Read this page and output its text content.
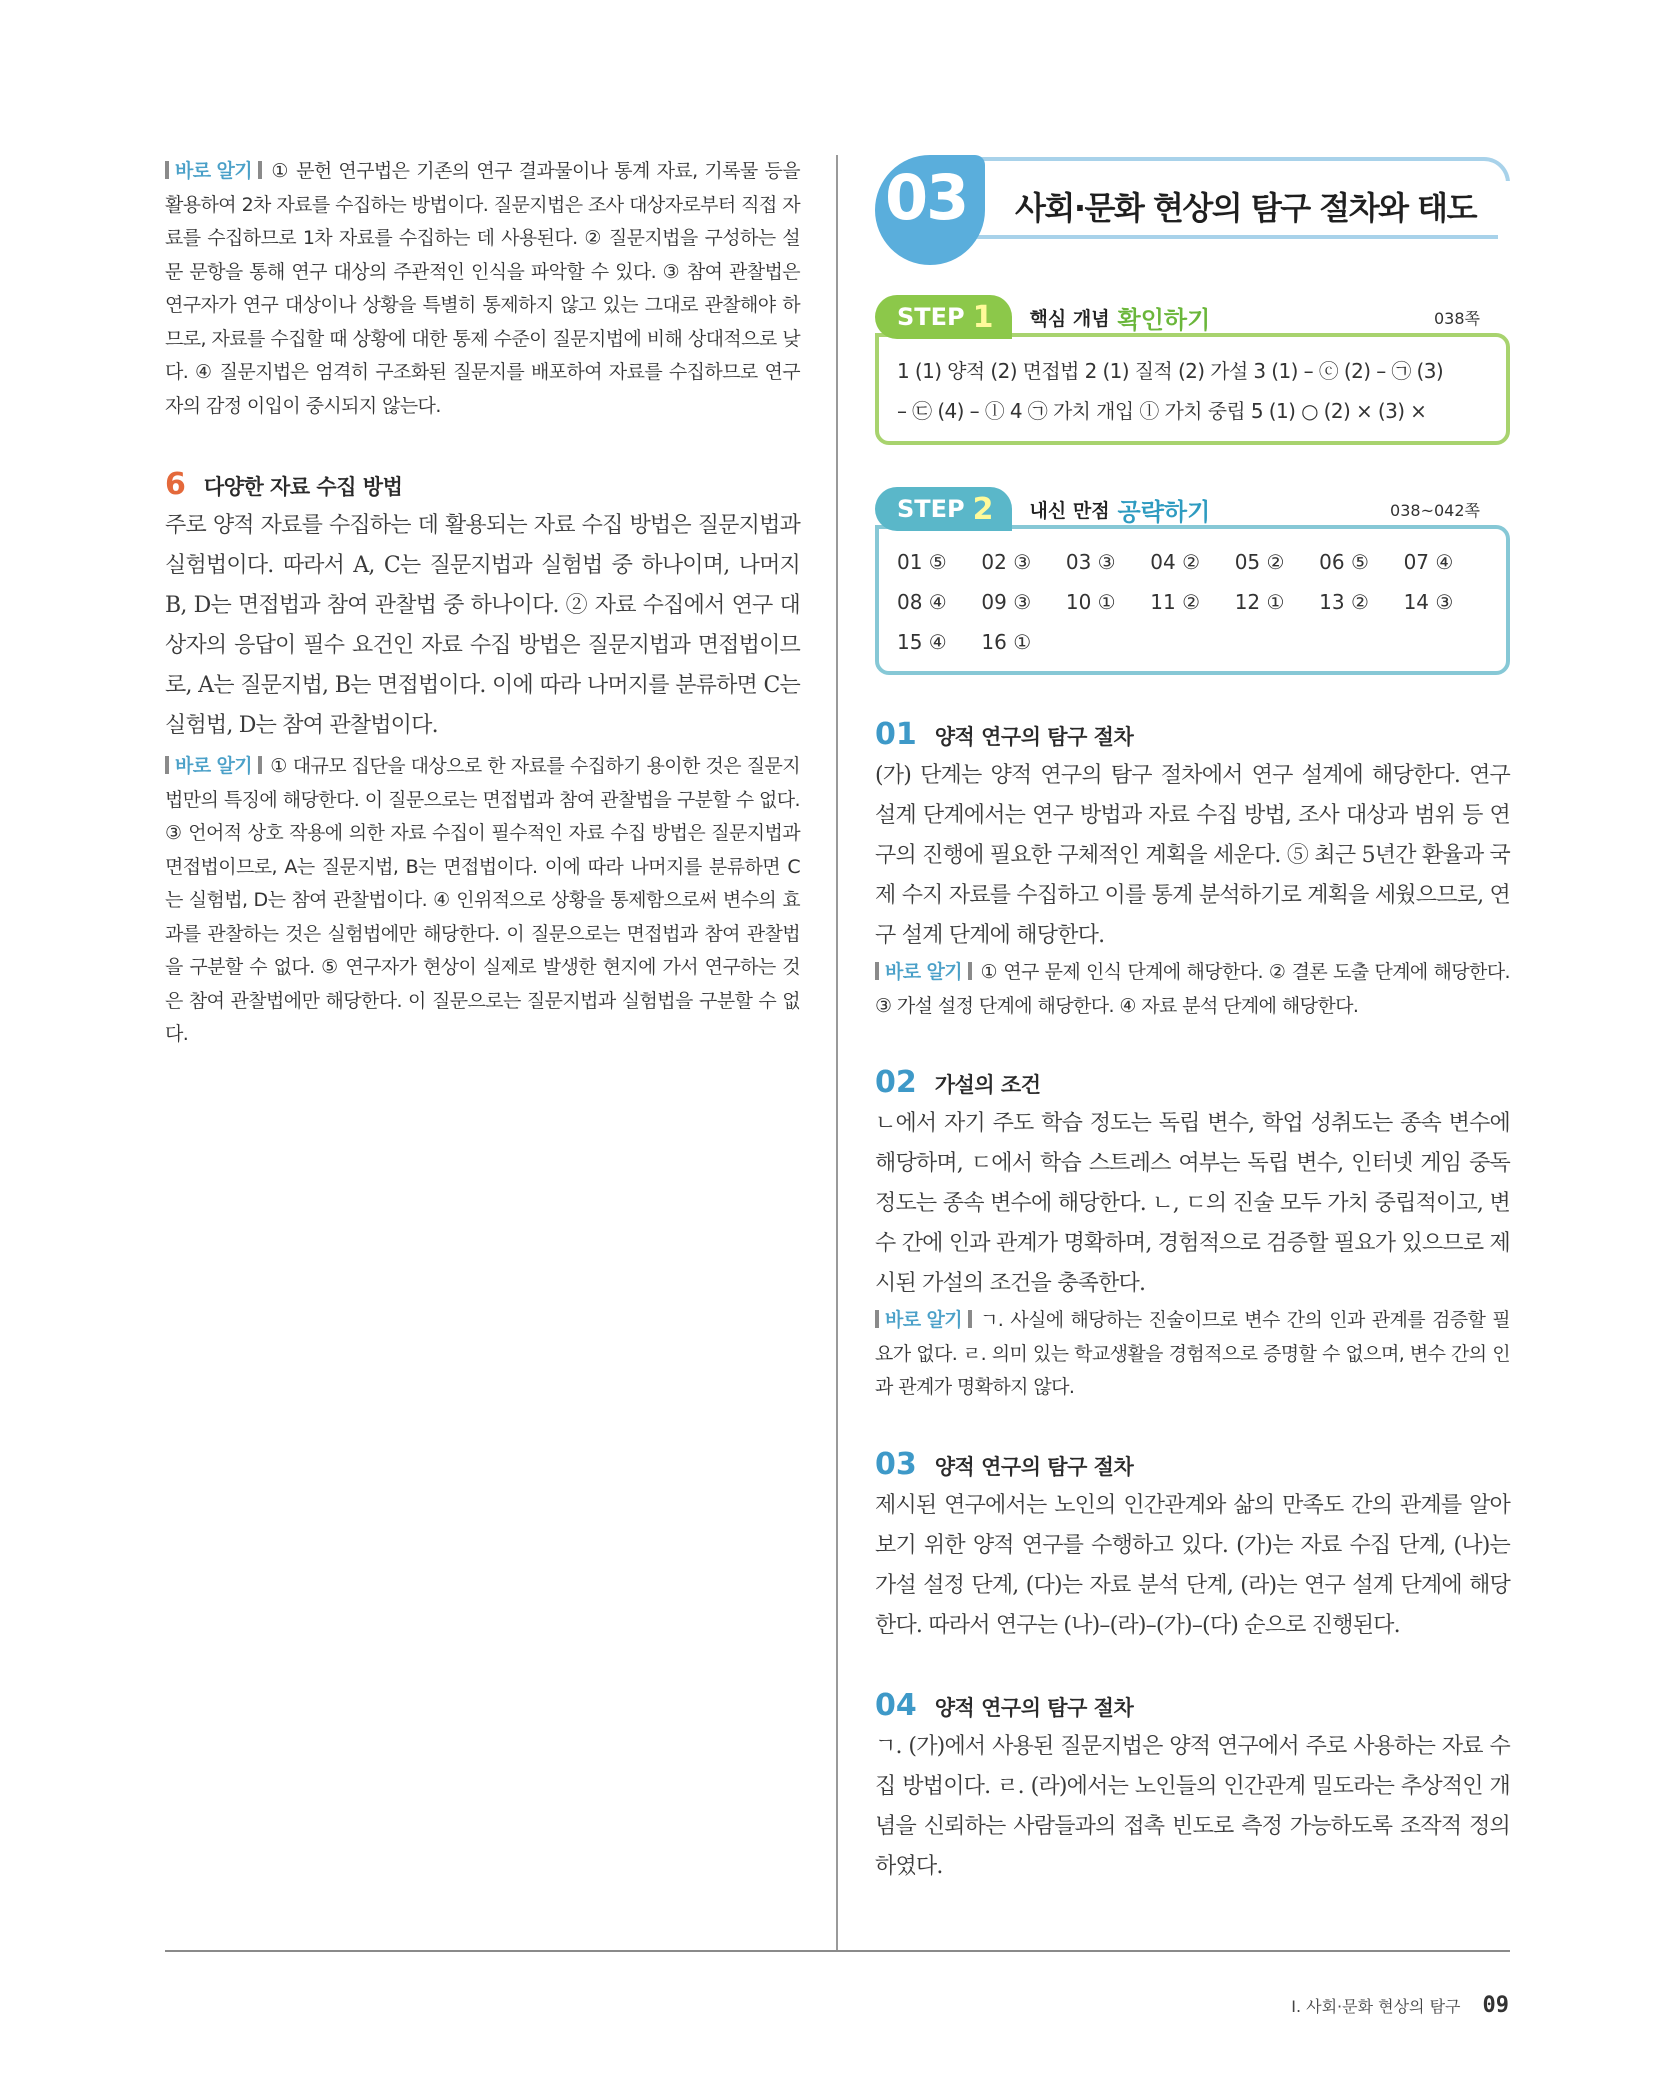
바로 알기 ① 문헌 연구법은 기존의 연구 결과물이나 통계 자료, 기록물 등을 활용하여 2차 자료를 수집하는 방법이다. 질문지법은 조사 대상자로부터 직접 자료를 수집하므로 1차 자료를 수집하는 데 사용된다. ② 질문지법을 구성하는 설문 문항을 통해 연구 대상의 주관적인 인식을 파악할 수 있다. ③ 참여 관찰법은 연구자가 연구 대상이나 상황을 특별히 통제하지 않고 있는 그대로 관찰해야 하므로, 자료를 수집할 때 상황에 대한 통제 수준이 질문지법에 비해 상대적으로 낮다. ④ 질문지법은 엄격히 구조화된 질문지를 배포하여 자료를 수집하므로 연구자의 감정 이입이 중시되지 않는다.

6 다양한 자료 수집 방법

주로 양적 자료를 수집하는 데 활용되는 자료 수집 방법은 질문지법과 실험법이다. 따라서 A, C는 질문지법과 실험법 중 하나이며, 나머지 B, D는 면접법과 참여 관찰법 중 하나이다. ② 자료 수집에서 연구 대상자의 응답이 필수 요건인 자료 수집 방법은 질문지법과 면접법이므로, A는 질문지법, B는 면접법이다. 이에 따라 나머지를 분류하면 C는 실험법, D는 참여 관찰법이다.

바로 알기 ① 대규모 집단을 대상으로 한 자료를 수집하기 용이한 것은 질문지법만의 특징에 해당한다. 이 질문으로는 면접법과 참여 관찰법을 구분할 수 없다. ③ 언어적 상호 작용에 의한 자료 수집이 필수적인 자료 수집 방법은 질문지법과 면접법이므로, A는 질문지법, B는 면접법이다. 이에 따라 나머지를 분류하면 C는 실험법, D는 참여 관찰법이다. ④ 인위적으로 상황을 통제함으로써 변수의 효과를 관찰하는 것은 실험법에만 해당한다. 이 질문으로는 면접법과 참여 관찰법을 구분할 수 없다. ⑤ 연구자가 현상이 실제로 발생한 현지에 가서 연구하는 것은 참여 관찰법에만 해당한다. 이 질문으로는 질문지법과 실험법을 구분할 수 없다.

03 사회·문화 현상의 탐구 절차와 태도
STEP 1 핵심 개념 확인하기	038쪽
1 (1) 양적 (2) 면접법 2 (1) 질적 (2) 가설 3 (1) – ⓒ (2) – ㉠ (3)
– ㉢ (4) – ⓛ 4 ㉠ 가치 개입 ⓛ 가치 중립 5 (1) ○ (2) × (3) ×
STEP 2 내신 만점 공략하기	038~042쪽
01 ⑤	02 ③	03 ③	04 ②	05 ②	06 ⑤	07 ④
08 ④	09 ③	10 ①	11 ②	12 ①	13 ②	14 ③
15 ④	16 ①
01 양적 연구의 탐구 절차

(가) 단계는 양적 연구의 탐구 절차에서 연구 설계에 해당한다. 연구 설계 단계에서는 연구 방법과 자료 수집 방법, 조사 대상과 범위 등 연구의 진행에 필요한 구체적인 계획을 세운다. ⑤ 최근 5년간 환율과 국제 수지 자료를 수집하고 이를 통계 분석하기로 계획을 세웠으므로, 연구 설계 단계에 해당한다.

바로 알기 ① 연구 문제 인식 단계에 해당한다. ② 결론 도출 단계에 해당한다. ③ 가설 설정 단계에 해당한다. ④ 자료 분석 단계에 해당한다.

02 가설의 조건

ㄴ에서 자기 주도 학습 정도는 독립 변수, 학업 성취도는 종속 변수에 해당하며, ㄷ에서 학습 스트레스 여부는 독립 변수, 인터넷 게임 중독 정도는 종속 변수에 해당한다. ㄴ, ㄷ의 진술 모두 가치 중립적이고, 변수 간에 인과 관계가 명확하며, 경험적으로 검증할 필요가 있으므로 제시된 가설의 조건을 충족한다.

바로 알기 ㄱ. 사실에 해당하는 진술이므로 변수 간의 인과 관계를 검증할 필요가 없다. ㄹ. 의미 있는 학교생활을 경험적으로 증명할 수 없으며, 변수 간의 인과 관계가 명확하지 않다.

03 양적 연구의 탐구 절차

제시된 연구에서는 노인의 인간관계와 삶의 만족도 간의 관계를 알아보기 위한 양적 연구를 수행하고 있다. (가)는 자료 수집 단계, (나)는 가설 설정 단계, (다)는 자료 분석 단계, (라)는 연구 설계 단계에 해당한다. 따라서 연구는 (나)–(라)–(가)–(다) 순으로 진행된다.

04 양적 연구의 탐구 절차

ㄱ. (가)에서 사용된 질문지법은 양적 연구에서 주로 사용하는 자료 수집 방법이다. ㄹ. (라)에서는 노인들의 인간관계 밀도라는 추상적인 개념을 신뢰하는 사람들과의 접촉 빈도로 측정 가능하도록 조작적 정의하였다.

I. 사회·문화 현상의 탐구 09
